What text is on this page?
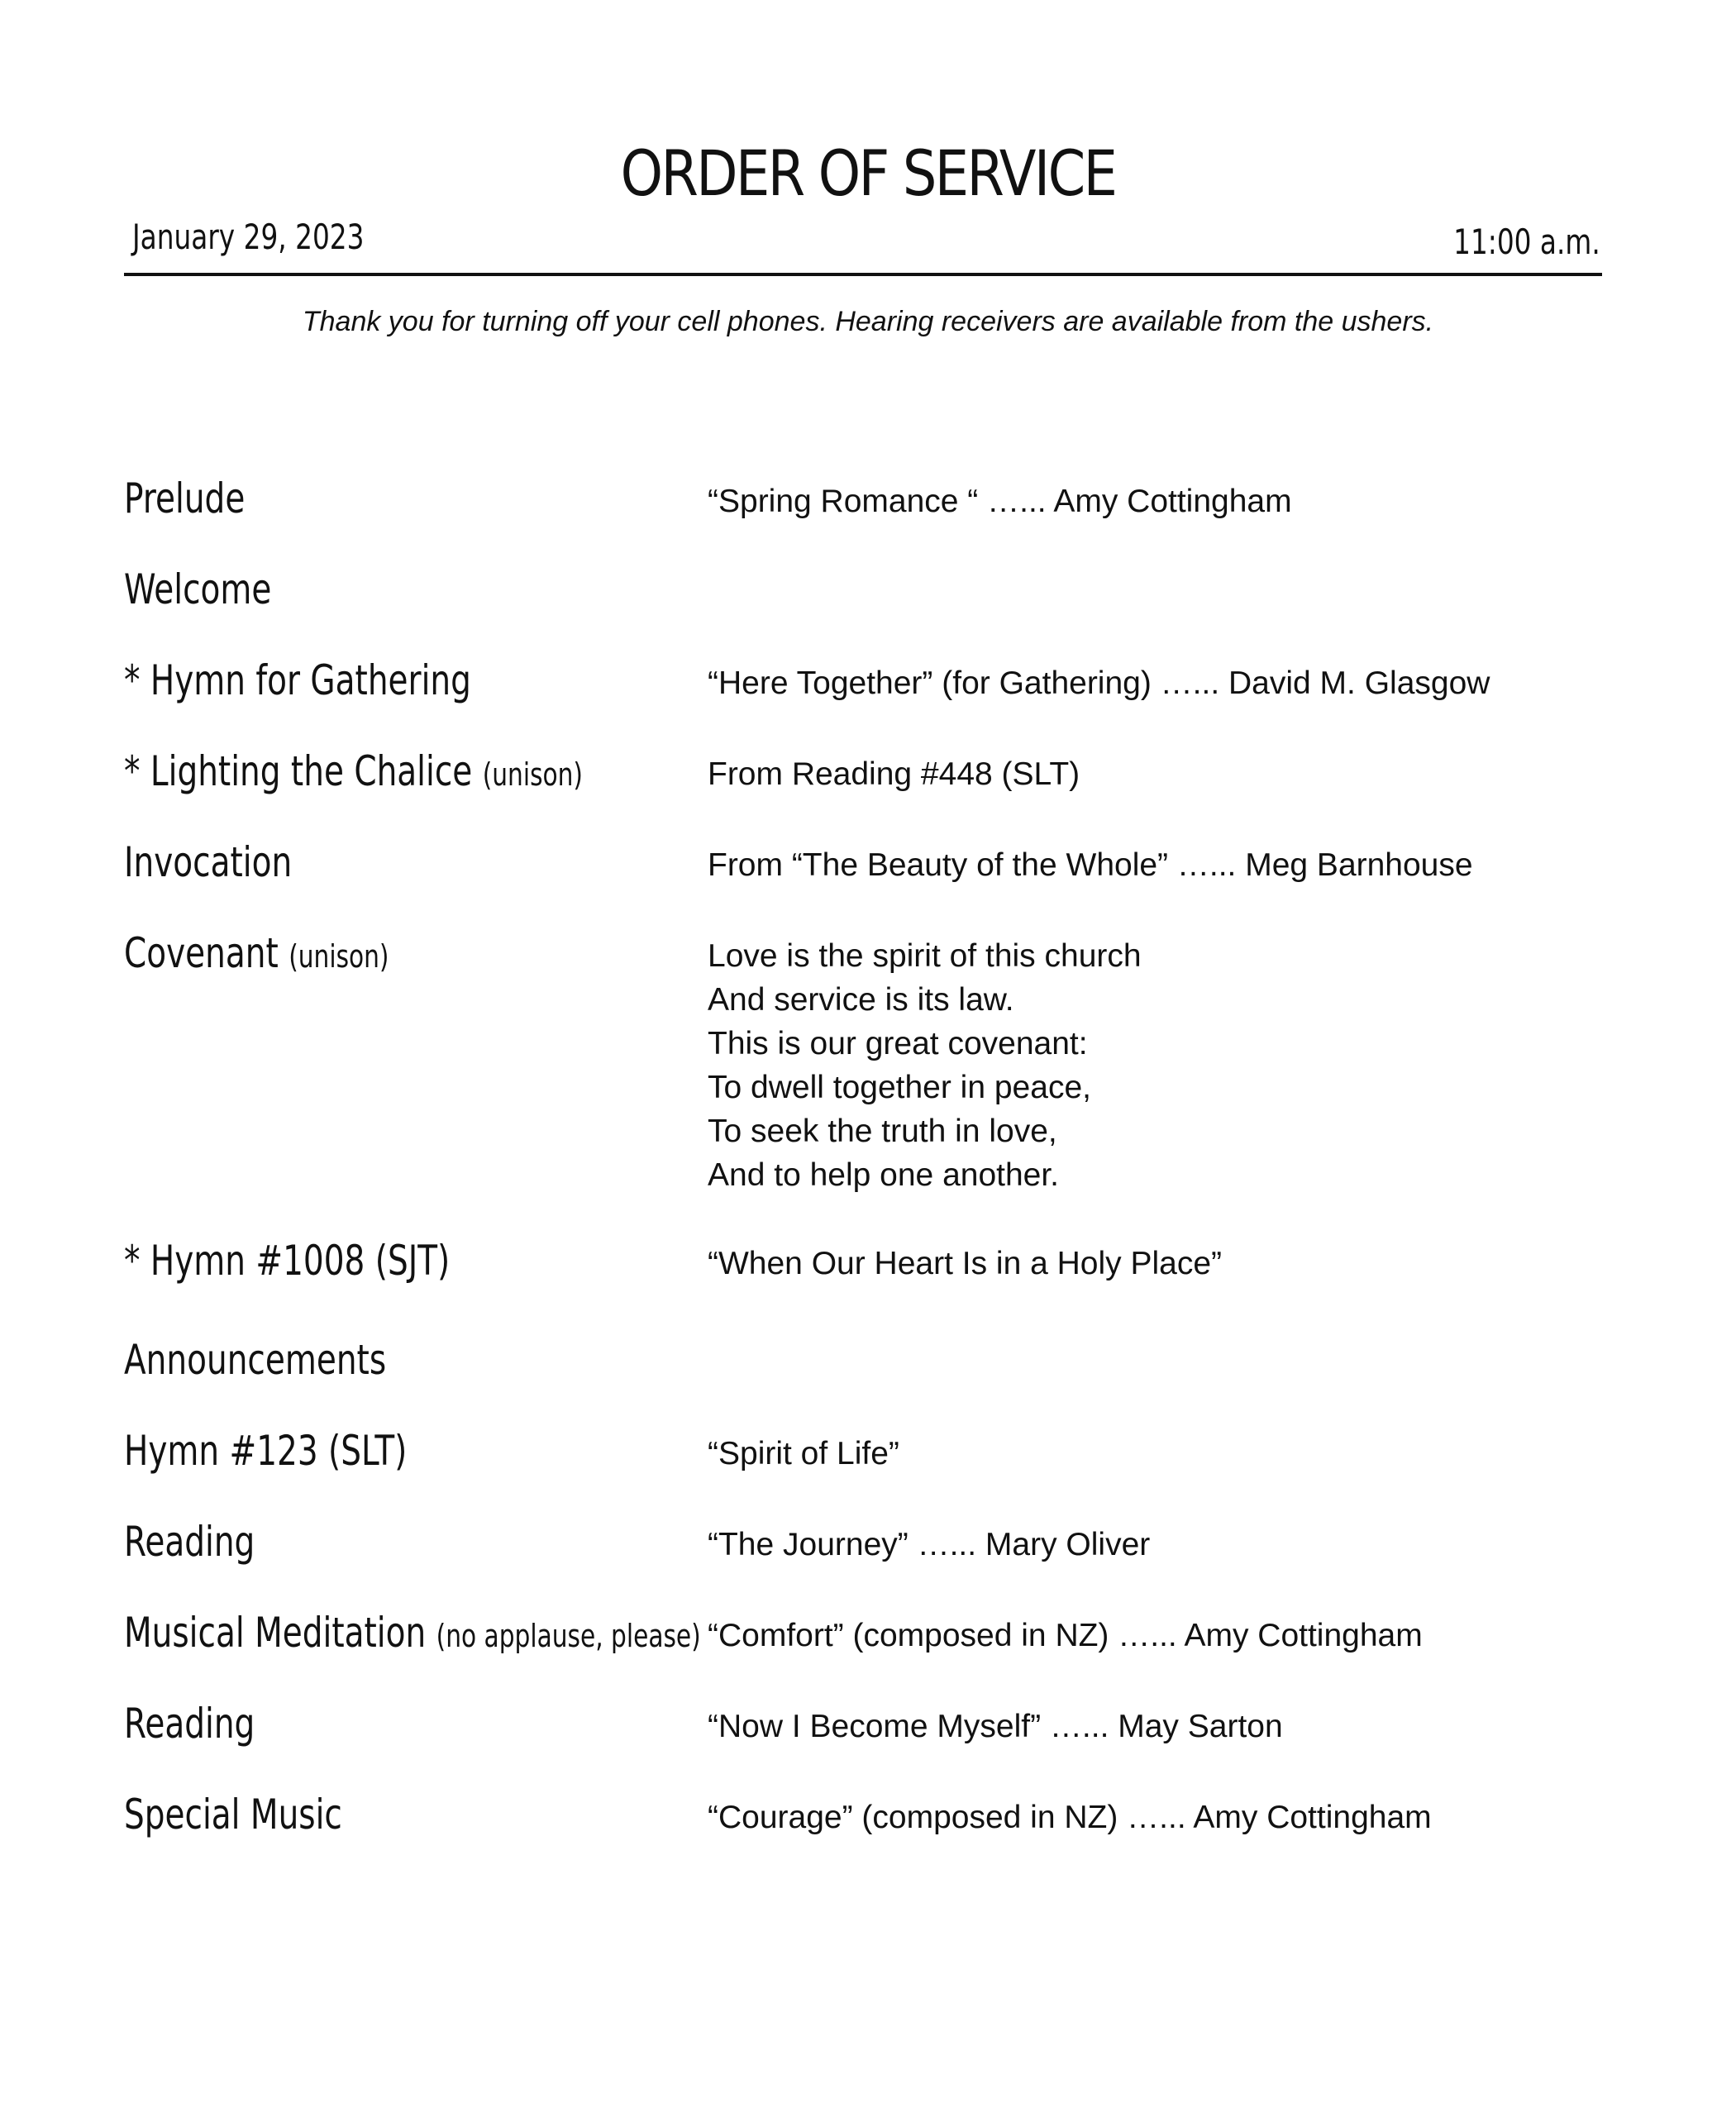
ORDER OF SERVICE
January 29, 2023	11:00 a.m.
Thank you for turning off your cell phones. Hearing receivers are available from the ushers.
Prelude	“Spring Romance “ …... Amy Cottingham
Welcome
* Hymn for Gathering	“Here Together” (for Gathering) …... David M. Glasgow
* Lighting the Chalice (unison)	From Reading #448 (SLT)
Invocation	From “The Beauty of the Whole” …... Meg Barnhouse
Covenant (unison)	Love is the spirit of this church
And service is its law.
This is our great covenant:
To dwell together in peace,
To seek the truth in love,
And to help one another.
* Hymn #1008 (SJT)	“When Our Heart Is in a Holy Place”
Announcements
Hymn #123 (SLT)	“Spirit of Life”
Reading	“The Journey” …... Mary Oliver
Musical Meditation (no applause, please) “Comfort” (composed in NZ) …... Amy Cottingham
Reading	“Now I Become Myself” …... May Sarton
Special Music	“Courage” (composed in NZ) …... Amy Cottingham
